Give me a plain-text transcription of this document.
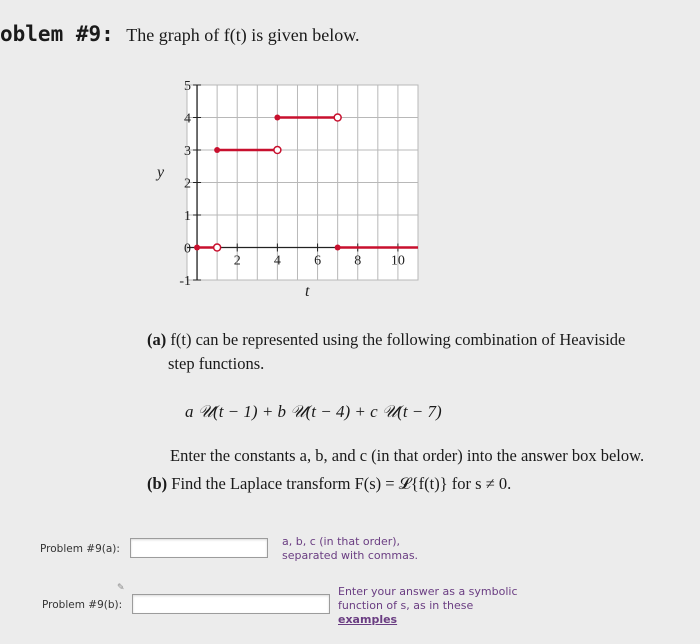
oblem #9: The graph of f(t) is given below.
2 4 6 8 10
-1
0
1
2
3
4
5
y
t
(a) f(t) can be represented using the following combination of Heaviside
step functions.
a 𝒰(t − 1) + b 𝒰(t − 4) + c 𝒰(t − 7)
Enter the constants a, b, and c (in that order) into the answer box below.
(b) Find the Laplace transform F(s) = 𝓛{f(t)} for s ≠ 0.
Problem #9(a):
a, b, c (in that order),
separated with commas.
✎
Problem #9(b):
Enter your answer as a symbolic
function of s, as in these
examples
